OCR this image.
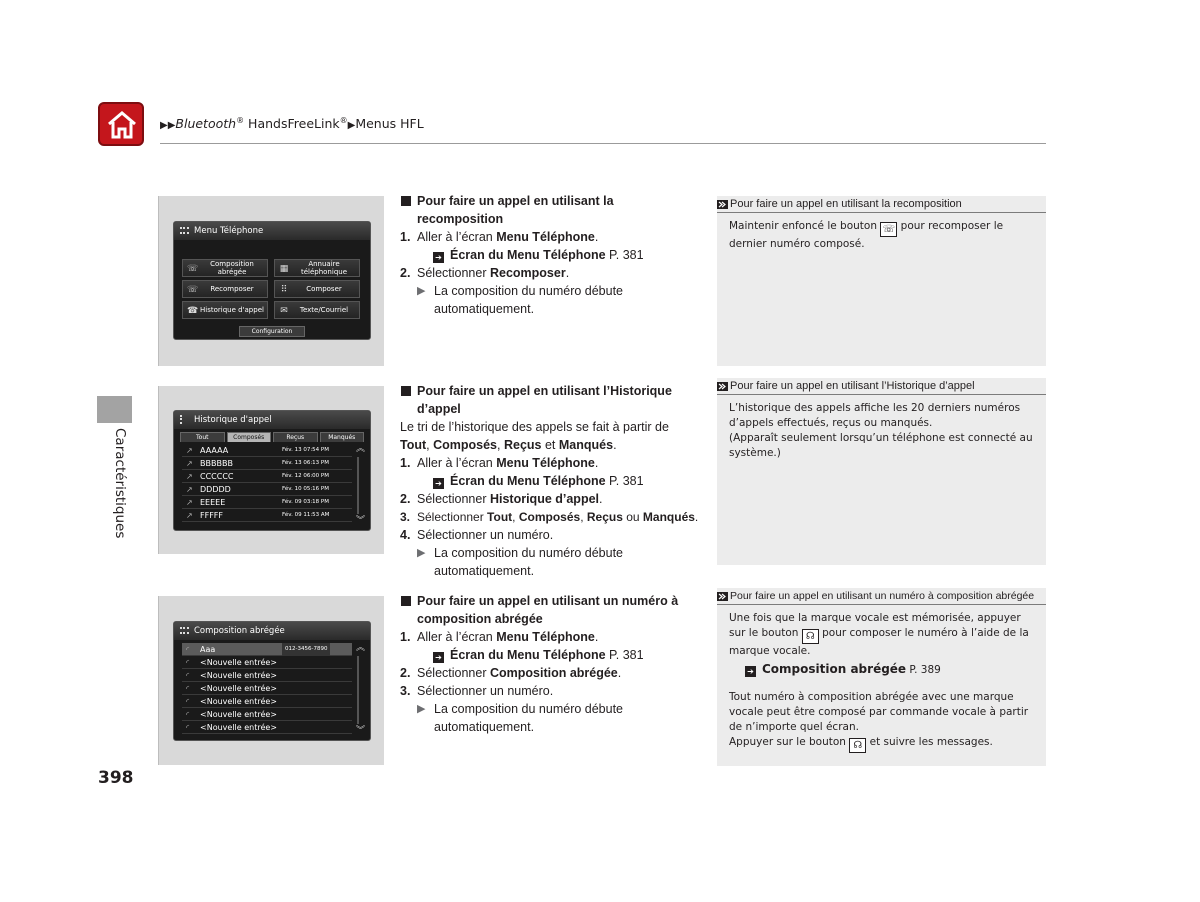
▶▶Bluetooth® HandsFreeLink®▶Menus HFL
Caractéristiques
398
Menu Téléphone
☏	Composition abrégée	▦	Annuaire téléphonique
☏ Recomposer	⠿	Composer
☎ Historique d'appel ✉ Texte/Courriel
Configuration
Historique d'appel
Tout	Composés	Reçus	Manqués
↗ AAAAA	Fév. 13 07:54 PM
↗ BBBBBB	Fév. 13 06:13 PM
↗ CCCCCC	Fév. 12 06:00 PM
↗ DDDDD	Fév. 10 05:16 PM
↗ EEEEE	Fév. 09 03:18 PM
↗ FFFFF	Fév. 09 11:53 AM
︽
︾
Composition abrégée
◜ Aaa	012-3456-7890
◜ <Nouvelle entrée>
◜ <Nouvelle entrée>
◜ <Nouvelle entrée>
◜ <Nouvelle entrée>
◜ <Nouvelle entrée>
◜ <Nouvelle entrée>
︽
︾
Pour faire un appel en utilisant la recomposition
1. Aller à l’écran Menu Téléphone.
➔ Écran du Menu Téléphone P. 381
2. Sélectionner Recomposer.
▶ La composition du numéro débute automatiquement.
Pour faire un appel en utilisant l’Historique d’appel
Le tri de l’historique des appels se fait à partir de Tout, Composés, Reçus et Manqués.
1. Aller à l’écran Menu Téléphone.
➔ Écran du Menu Téléphone P. 381
2. Sélectionner Historique d’appel.
3. Sélectionner Tout, Composés, Reçus ou Manqués.
4. Sélectionner un numéro.
▶ La composition du numéro débute automatiquement.
Pour faire un appel en utilisant un numéro à composition abrégée
1. Aller à l’écran Menu Téléphone.
➔ Écran du Menu Téléphone P. 381
2. Sélectionner Composition abrégée.
3. Sélectionner un numéro.
▶ La composition du numéro débute automatiquement.
Pour faire un appel en utilisant la recomposition
Maintenir enfoncé le bouton ☏ pour recomposer le dernier numéro composé.
Pour faire un appel en utilisant l’Historique d’appel
L’historique des appels affiche les 20 derniers numéros d’appels effectués, reçus ou manqués.
(Apparaît seulement lorsqu’un téléphone est connecté au système.)
Pour faire un appel en utilisant un numéro à composition abrégée
Une fois que la marque vocale est mémorisée, appuyer sur le bouton ☊ pour composer le numéro à l’aide de la marque vocale.
➔ Composition abrégée P. 389
Tout numéro à composition abrégée avec une marque vocale peut être composé par commande vocale à partir de n’importe quel écran.
Appuyer sur le bouton ☊ et suivre les messages.
